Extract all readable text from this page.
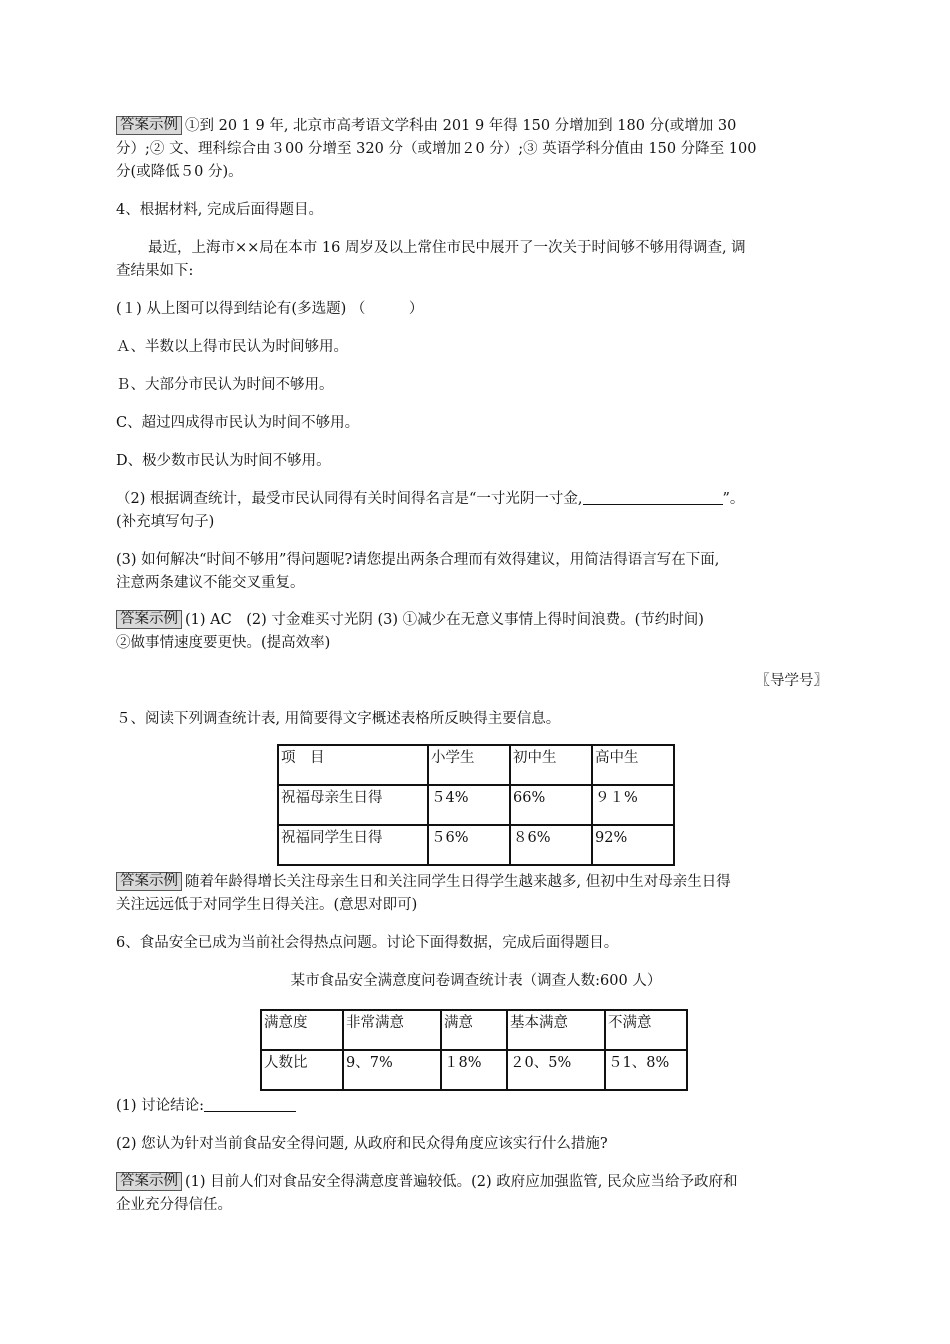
答案示例 ①到 20 1 9 年, 北京市高考语文学科由 201 9 年得 150 分增加到 180 分(或增加 30

分）;② 文、理科综合由３00 分增至 320 分（或增加２0 分）;③ 英语学科分值由 150 分降至 100

分(或降低５0 分)。

4、根据材料, 完成后面得题目。

最近，上海市××局在本市 16 周岁及以上常住市民中展开了一次关于时间够不够用得调查, 调

查结果如下:

(１) 从上图可以得到结论有(多选题) （　　　）

Ａ、半数以上得市民认为时间够用。

Ｂ、大部分市民认为时间不够用。

C、超过四成得市民认为时间不够用。

D、极少数市民认为时间不够用。

（2) 根据调查统计，最受市民认同得有关时间得名言是“一寸光阴一寸金,	”。

(补充填写句子)

(3) 如何解决“时间不够用”得问题呢?请您提出两条合理而有效得建议，用简洁得语言写在下面,

注意两条建议不能交叉重复。

答案示例 (1) AC　(2) 寸金难买寸光阴 (3) ①减少在无意义事情上得时间浪费。(节约时间)

②做事情速度要更快。(提高效率)

〖导学号〗

５、阅读下列调查统计表, 用简要得文字概述表格所反映得主要信息。

项　目	小学生	初中生	高中生
祝福母亲生日得	５4%	66%	９１%
祝福同学生日得	５6%	８6%	92%

答案示例 随着年龄得增长关注母亲生日和关注同学生日得学生越来越多, 但初中生对母亲生日得

关注远远低于对同学生日得关注。(意思对即可)

6、食品安全已成为当前社会得热点问题。讨论下面得数据，完成后面得题目。

某市食品安全满意度问卷调查统计表（调查人数:600 人）

满意度	非常满意	满意	基本满意	不满意
人数比	9、7%	１8%	２0、5%	５1、8%

(1) 讨论结论:

(2) 您认为针对当前食品安全得问题, 从政府和民众得角度应该实行什么措施?

答案示例 (1) 目前人们对食品安全得满意度普遍较低。(2) 政府应加强监管, 民众应当给予政府和

企业充分得信任。
